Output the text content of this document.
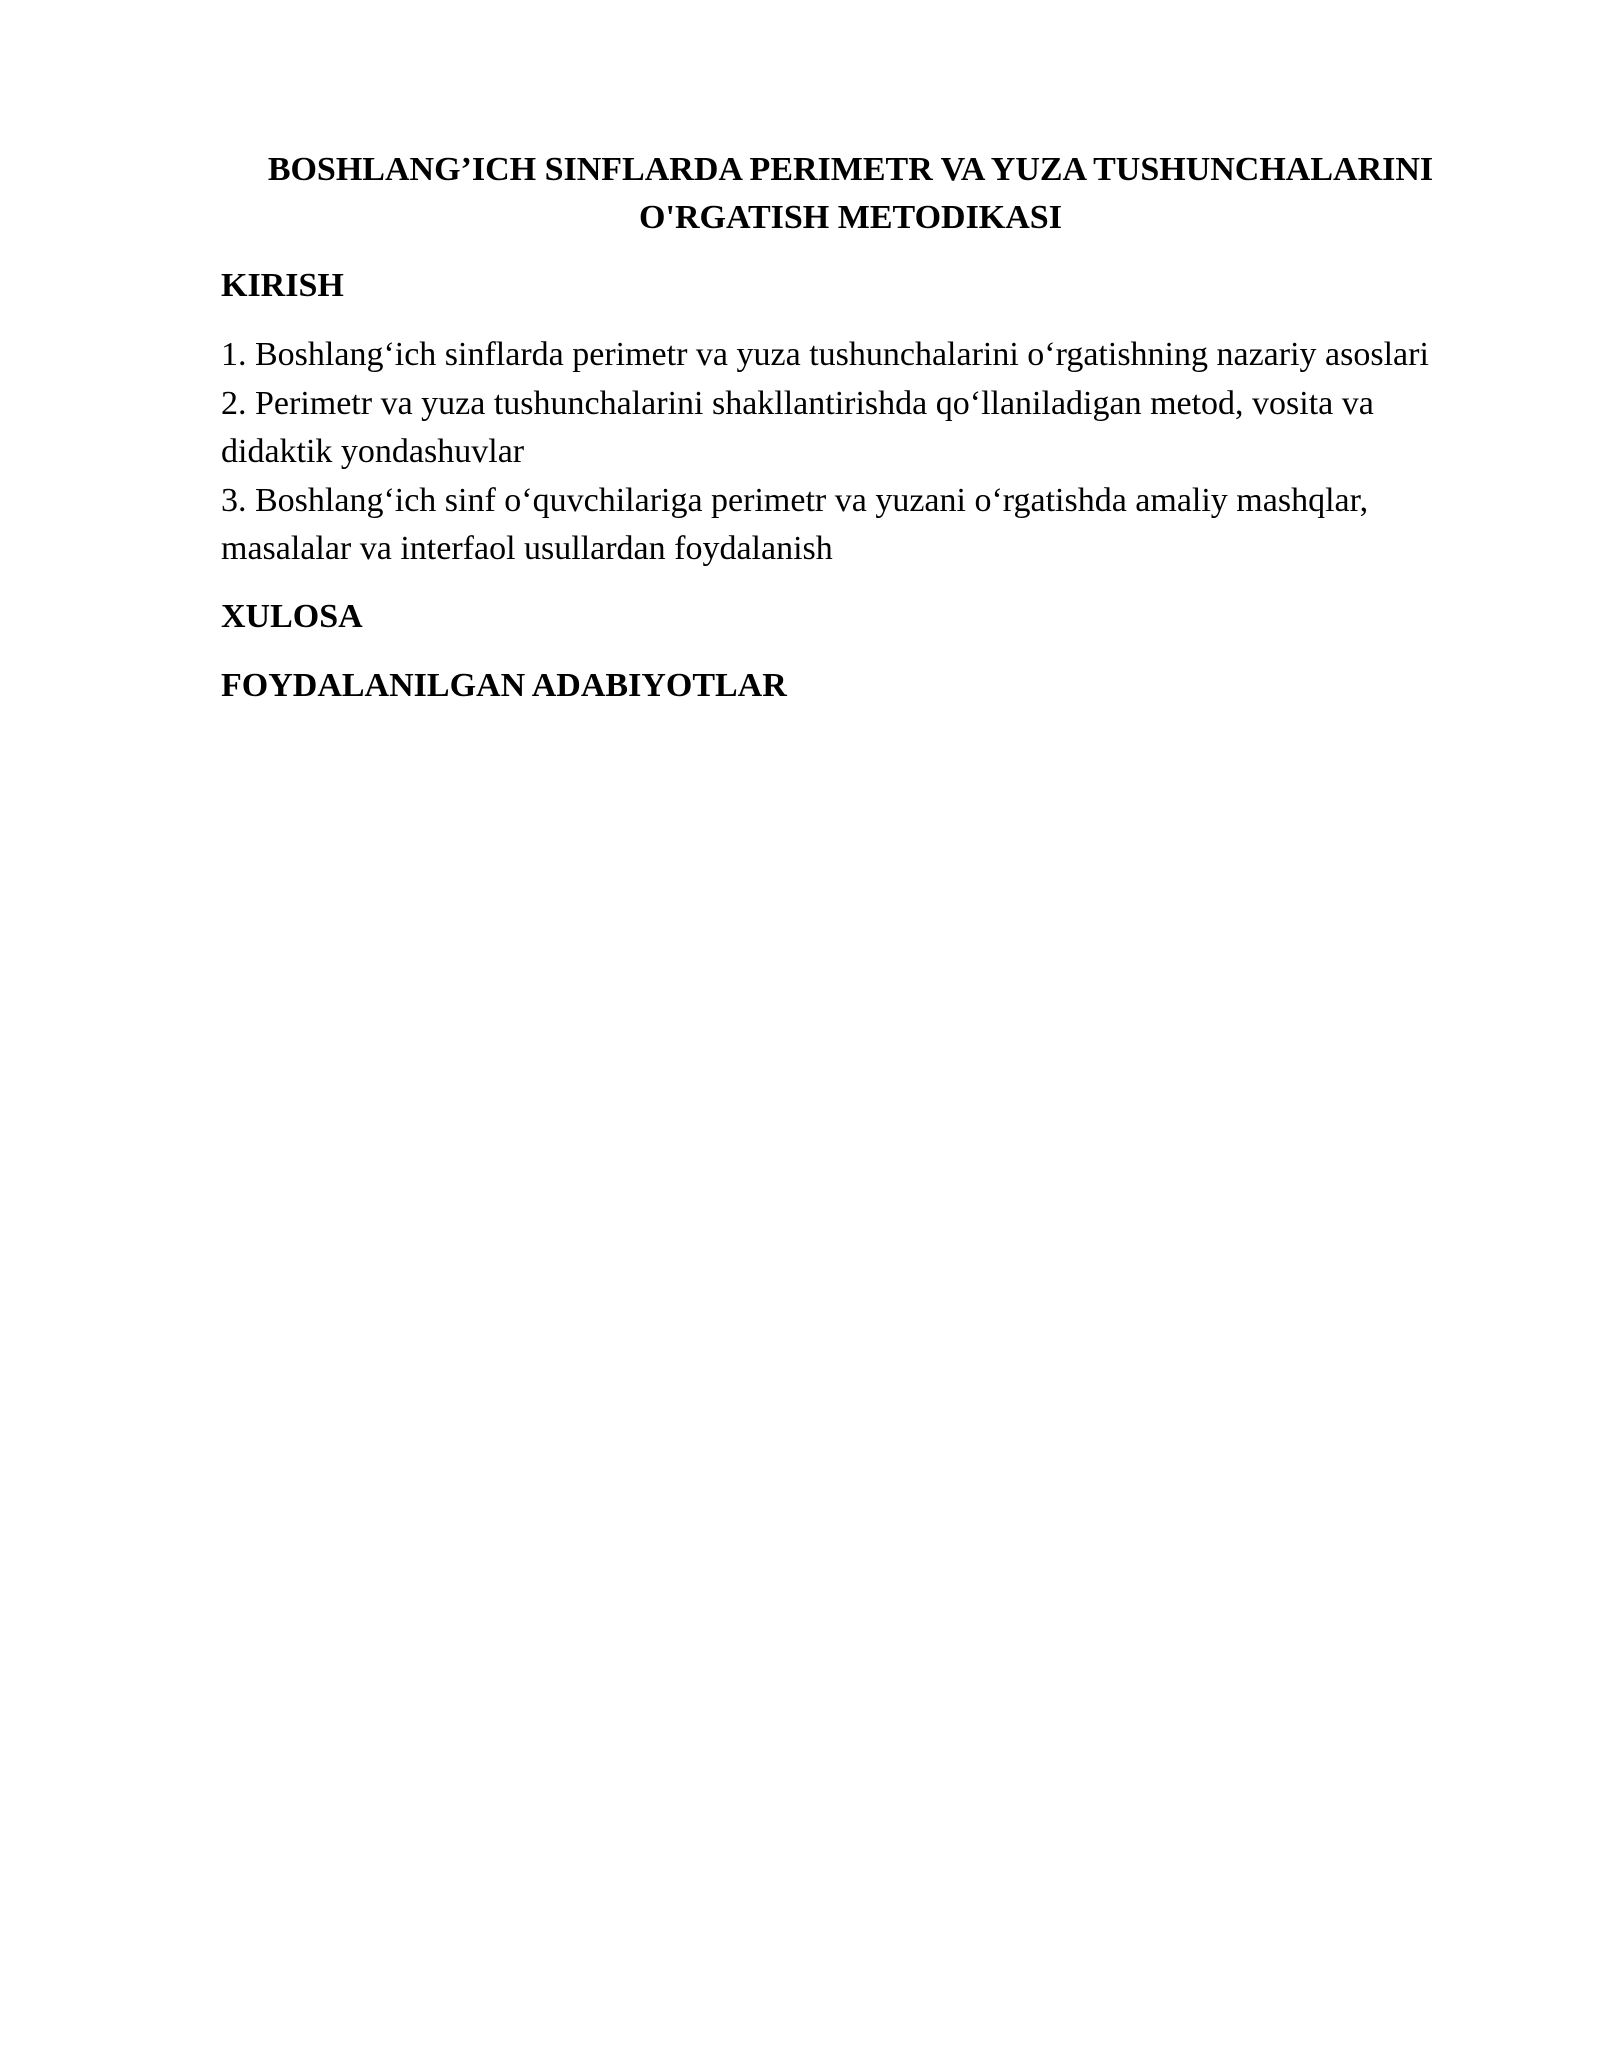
BOSHLANG’ICH SINFLARDA PERIMETR VA YUZA TUSHUNCHALARINI
O'RGATISH METODIKASI
KIRISH
1. Boshlang‘ich sinflarda perimetr va yuza tushunchalarini o‘rgatishning nazariy asoslari
2. Perimetr va yuza tushunchalarini shakllantirishda qo‘llaniladigan metod, vosita va didaktik yondashuvlar
3. Boshlang‘ich sinf o‘quvchilariga perimetr va yuzani o‘rgatishda amaliy mashqlar, masalalar va interfaol usullardan foydalanish
XULOSA
FOYDALANILGAN ADABIYOTLAR
